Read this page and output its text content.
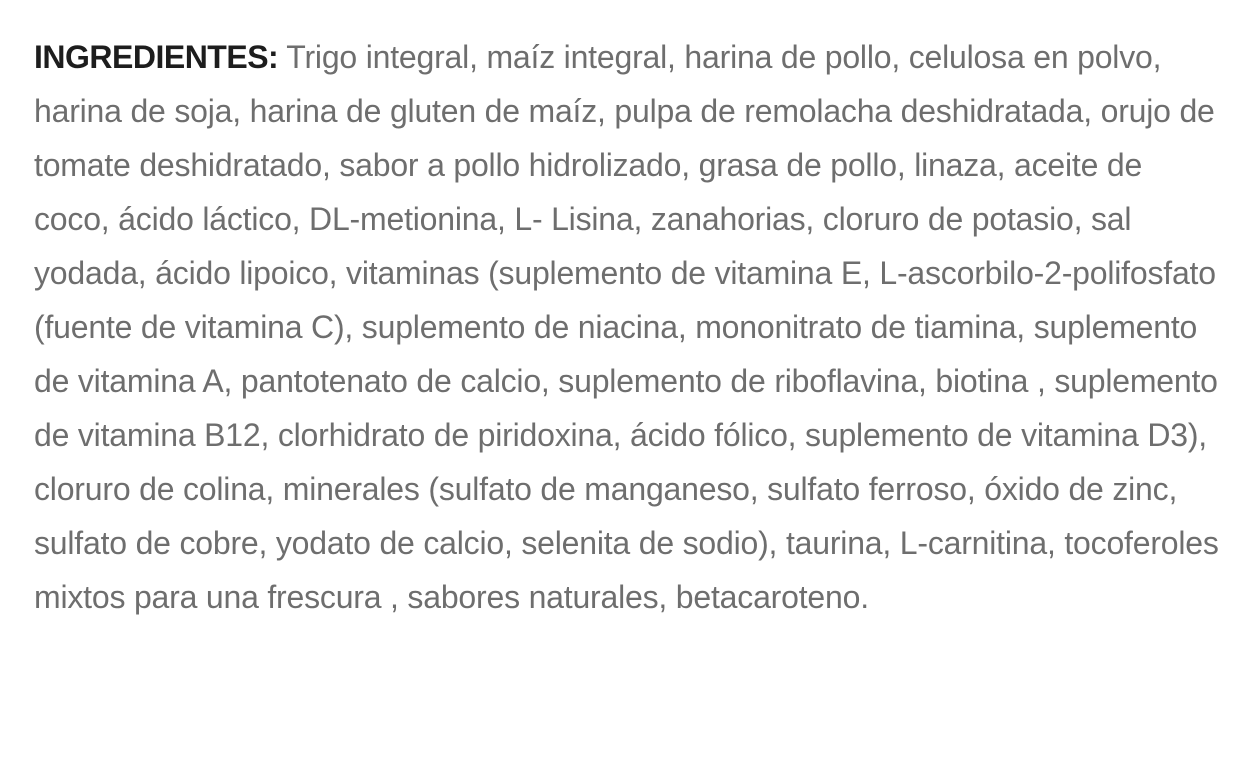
INGREDIENTES: Trigo integral, maíz integral, harina de pollo, celulosa en polvo, harina de soja, harina de gluten de maíz, pulpa de remolacha deshidratada, orujo de tomate deshidratado, sabor a pollo hidrolizado, grasa de pollo, linaza, aceite de coco, ácido láctico, DL-metionina, L- Lisina, zanahorias, cloruro de potasio, sal yodada, ácido lipoico, vitaminas (suplemento de vitamina E, L-ascorbilo-2-polifosfato (fuente de vitamina C), suplemento de niacina, mononitrato de tiamina, suplemento de vitamina A, pantotenato de calcio, suplemento de riboflavina, biotina , suplemento de vitamina B12, clorhidrato de piridoxina, ácido fólico, suplemento de vitamina D3), cloruro de colina, minerales (sulfato de manganeso, sulfato ferroso, óxido de zinc, sulfato de cobre, yodato de calcio, selenita de sodio), taurina, L-carnitina, tocoferoles mixtos para una frescura , sabores naturales, betacaroteno.
